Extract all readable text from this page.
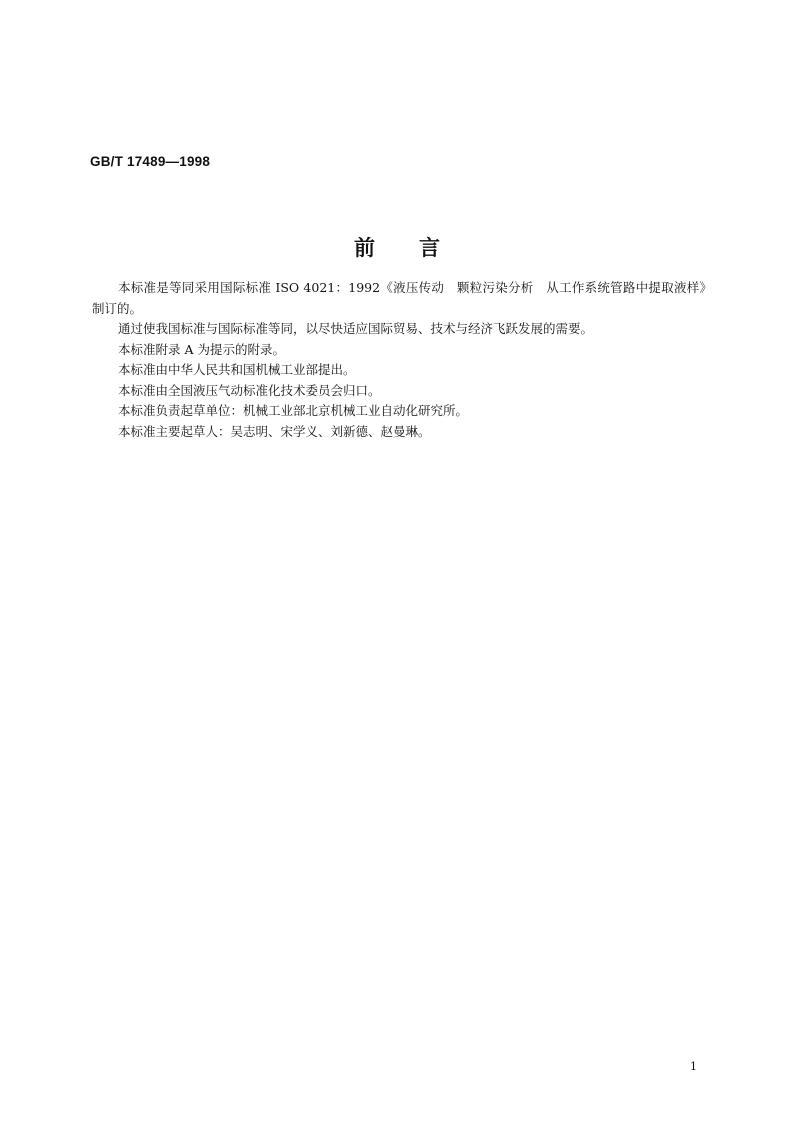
GB/T 17489—1998
前言

本标准是等同采用国际标准 ISO 4021：1992《液压传动　颗粒污染分析　从工作系统管路中提取液样》制订的。

通过使我国标准与国际标准等同，以尽快适应国际贸易、技术与经济飞跃发展的需要。

本标准附录 A 为提示的附录。

本标准由中华人民共和国机械工业部提出。

本标准由全国液压气动标准化技术委员会归口。

本标准负责起草单位：机械工业部北京机械工业自动化研究所。

本标准主要起草人：吴志明、宋学义、刘新德、赵曼琳。

1
